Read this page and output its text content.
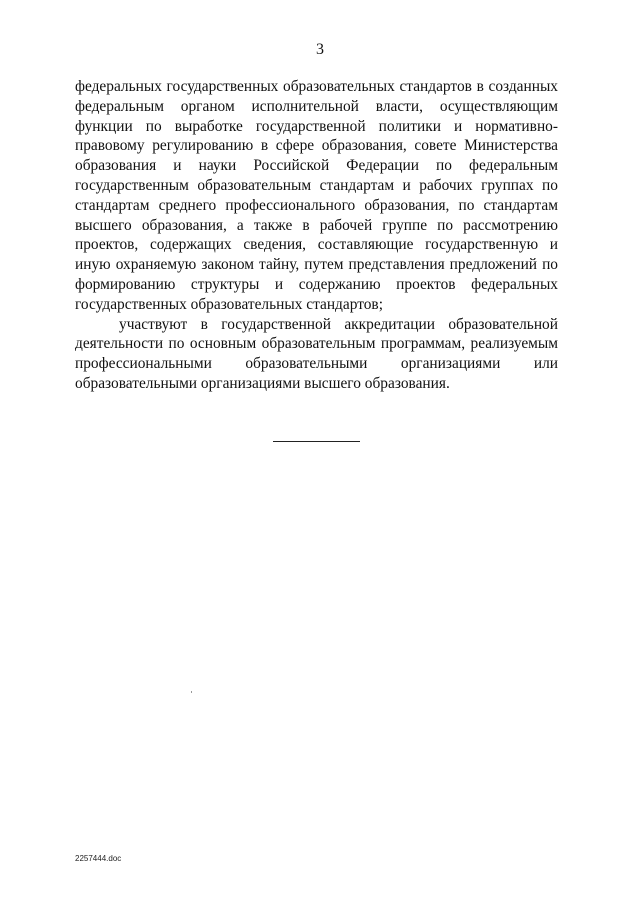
3

федеральных государственных образовательных стандартов в созданных федеральным органом исполнительной власти, осуществляющим функции по выработке государственной политики и нормативно-правовому регулированию в сфере образования, совете Министерства образования и науки Российской Федерации по федеральным государственным образовательным стандартам и рабочих группах по стандартам среднего профессионального образования, по стандартам высшего образования, а также в рабочей группе по рассмотрению проектов, содержащих сведения, составляющие государственную и иную охраняемую законом тайну, путем представления предложений по формированию структуры и содержанию проектов федеральных государственных образовательных стандартов;

участвуют в государственной аккредитации образовательной деятельности по основным образовательным программам, реализуемым профессиональными образовательными организациями или образовательными организациями высшего образования.

2257444.doc
